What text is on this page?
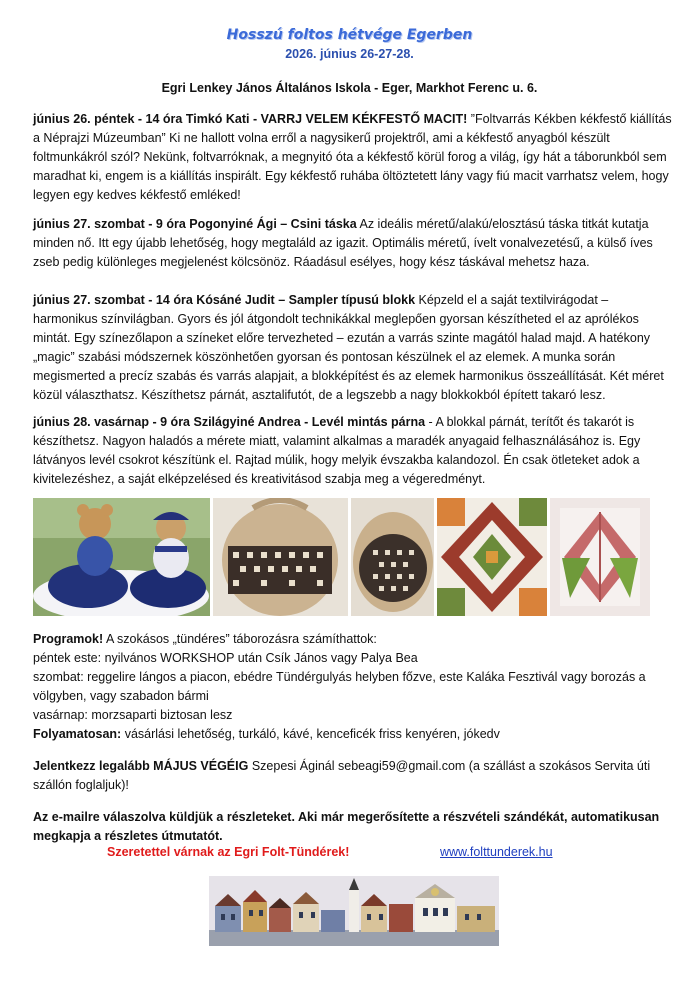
Hosszú foltos hétvége Egerben
2026. június 26-27-28.
Egri Lenkey János Általános Iskola - Eger, Markhot Ferenc u. 6.

június 26. péntek - 14 óra Timkó Kati - VARRJ VELEM KÉKFESTŐ MACIT! ”Foltvarrás Kékben kékfestő kiállítás a Néprajzi Múzeumban” Ki ne hallott volna erről a nagysikerű projektről, ami a kékfestő anyagból készült foltmunkákról szól? Nekünk, foltvarróknak, a megnyitó óta a kékfestő körül forog a világ, így hát a táborunkból sem maradhat ki, engem is a kiállítás inspirált. Egy kékfestő ruhába öltöztetett lány vagy fiú macit varrhatsz velem, hogy legyen egy kedves kékfestő emléked!

június 27. szombat - 9 óra Pogonyiné Ági – Csini táska Az ideális méretű/alakú/elosztású táska titkát kutatja minden nő. Itt egy újabb lehetőség, hogy megtaláld az igazit. Optimális méretű, ívelt vonalvezetésű, a külső íves zseb pedig különleges megjelenést kölcsönöz. Ráadásul esélyes, hogy kész táskával mehetsz haza.

június 27. szombat - 14 óra Kósáné Judit – Sampler típusú blokk Képzeld el a saját textilvirágodat – harmonikus színvilágban. Gyors és jól átgondolt technikákkal meglepően gyorsan készítheted el az aprólékos mintát. Egy színezőlapon a színeket előre tervezheted – ezután a varrás szinte magától halad majd. A hatékony „magic” szabási módszernek köszönhetően gyorsan és pontosan készülnek el az elemek. A munka során megismerted a precíz szabás és varrás alapjait, a blokképítést és az elemek harmonikus összeállítását. Két méret közül választhatsz. Készíthetsz párnát, asztalifutót, de a legszebb a nagy blokkokból épített takaró lesz.

június 28. vasárnap - 9 óra Szilágyiné Andrea - Levél mintás párna - A blokkal párnát, terítőt és takarót is készíthetsz. Nagyon haladós a mérete miatt, valamint alkalmas a maradék anyagaid felhasználásához is. Egy látványos levél csokrot készítünk el. Rajtad múlik, hogy melyik évszakba kalandozol. Én csak ötleteket adok a kivitelezéshez, a saját elképzelésed és kreativitásod szabja meg a végeredményt.

Programok! A szokásos „tündéres” táborozásra számíthattok:

péntek este: nyilvános WORKSHOP után Csík János vagy Palya Bea

szombat: reggelire lángos a piacon, ebédre Tündérgulyás helyben főzve, este Kaláka Fesztivál vagy borozás a völgyben, vagy szabadon bármi

vasárnap: morzsaparti biztosan lesz

Folyamatosan: vásárlási lehetőség, turkáló, kávé, kenceficék friss kenyéren, jókedv

Jelentkezz legalább MÁJUS VÉGÉIG Szepesi Áginál sebeagi59@gmail.com (a szállást a szokásos Servita úti szállón foglaljuk)!

Az e-mailre válaszolva küldjük a részleteket. Aki már megerősítette a részvételi szándékát, automatikusan megkapja a részletes útmutatót.

Szeretettel várnak az Egri Folt-Tündérek!	www.folttunderek.hu
